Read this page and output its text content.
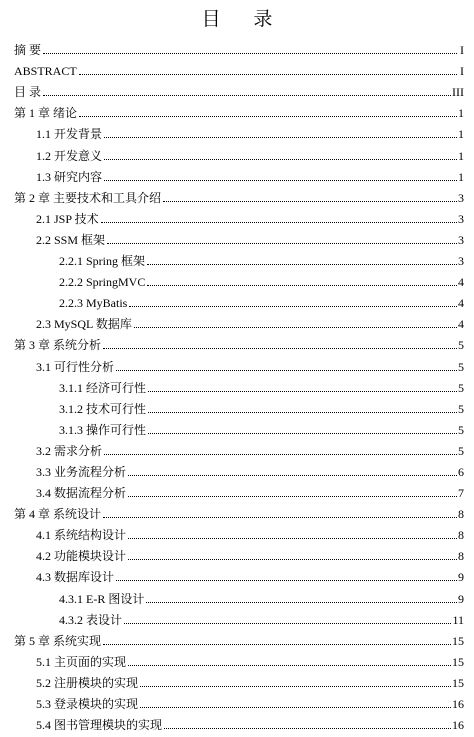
目 录
摘 要	I
ABSTRACT	I
目 录	III
第 1 章 绪论	1
1.1 开发背景	1
1.2 开发意义	1
1.3 研究内容	1
第 2 章 主要技术和工具介绍	3
2.1 JSP 技术	3
2.2 SSM 框架	3
2.2.1 Spring 框架	3
2.2.2 SpringMVC	4
2.2.3 MyBatis	4
2.3 MySQL 数据库	4
第 3 章 系统分析	5
3.1 可行性分析	5
3.1.1 经济可行性	5
3.1.2 技术可行性	5
3.1.3 操作可行性	5
3.2 需求分析	5
3.3 业务流程分析	6
3.4 数据流程分析	7
第 4 章 系统设计	8
4.1 系统结构设计	8
4.2 功能模块设计	8
4.3 数据库设计	9
4.3.1 E-R 图设计	9
4.3.2 表设计	11
第 5 章 系统实现	15
5.1 主页面的实现	15
5.2 注册模块的实现	15
5.3 登录模块的实现	16
5.4 图书管理模块的实现	16
